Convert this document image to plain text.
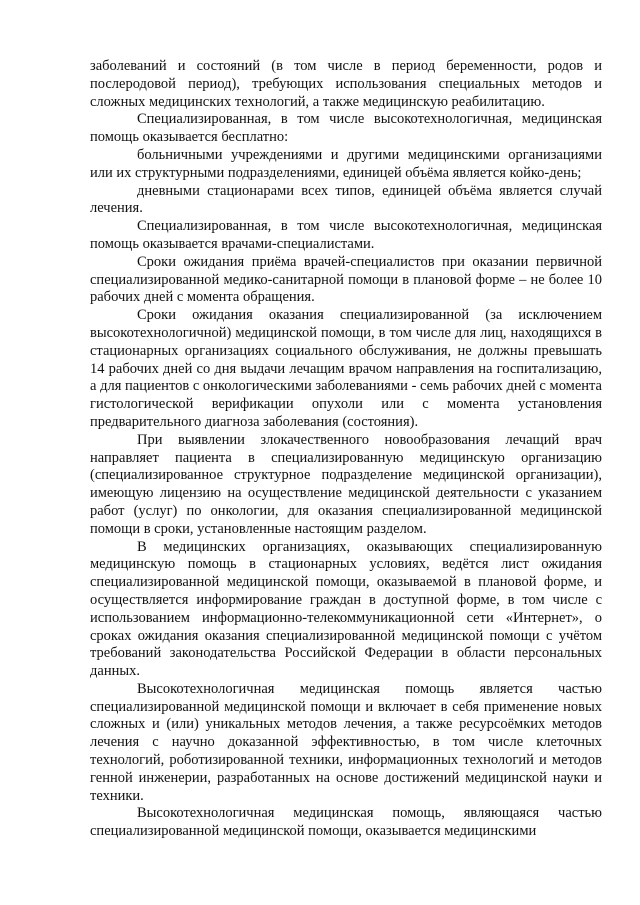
заболеваний и состояний (в том числе в период беременности, родов и послеродовой период), требующих использования специальных методов и сложных медицинских технологий, а также медицинскую реабилитацию.

Специализированная, в том числе высокотехнологичная, медицинская помощь оказывается бесплатно:

больничными учреждениями и другими медицинскими организациями или их структурными подразделениями, единицей объёма является койко-день;

дневными стационарами всех типов, единицей объёма является случай лечения.

Специализированная, в том числе высокотехнологичная, медицинская помощь оказывается врачами-специалистами.

Сроки ожидания приёма врачей-специалистов при оказании первичной специализированной медико-санитарной помощи в плановой форме – не более 10 рабочих дней с момента обращения.

Сроки ожидания оказания специализированной (за исключением высокотехнологичной) медицинской помощи, в том числе для лиц, находящихся в стационарных организациях социального обслуживания, не должны превышать 14 рабочих дней со дня выдачи лечащим врачом направления на госпитализацию, а для пациентов с онкологическими заболеваниями - семь рабочих дней с момента гистологической верификации опухоли или с момента установления предварительного диагноза заболевания (состояния).

При выявлении злокачественного новообразования лечащий врач направляет пациента в специализированную медицинскую организацию (специализированное структурное подразделение медицинской организации), имеющую лицензию на осуществление медицинской деятельности с указанием работ (услуг) по онкологии, для оказания специализированной медицинской помощи в сроки, установленные настоящим разделом.

В медицинских организациях, оказывающих специализированную медицинскую помощь в стационарных условиях, ведётся лист ожидания специализированной медицинской помощи, оказываемой в плановой форме, и осуществляется информирование граждан в доступной форме, в том числе с использованием информационно-телекоммуникационной сети «Интернет», о сроках ожидания оказания специализированной медицинской помощи с учётом требований законодательства Российской Федерации в области персональных данных.

Высокотехнологичная медицинская помощь является частью специализированной медицинской помощи и включает в себя применение новых сложных и (или) уникальных методов лечения, а также ресурсоёмких методов лечения с научно доказанной эффективностью, в том числе клеточных технологий, роботизированной техники, информационных технологий и методов генной инженерии, разработанных на основе достижений медицинской науки и техники.

Высокотехнологичная медицинская помощь, являющаяся частью специализированной медицинской помощи, оказывается медицинскими
